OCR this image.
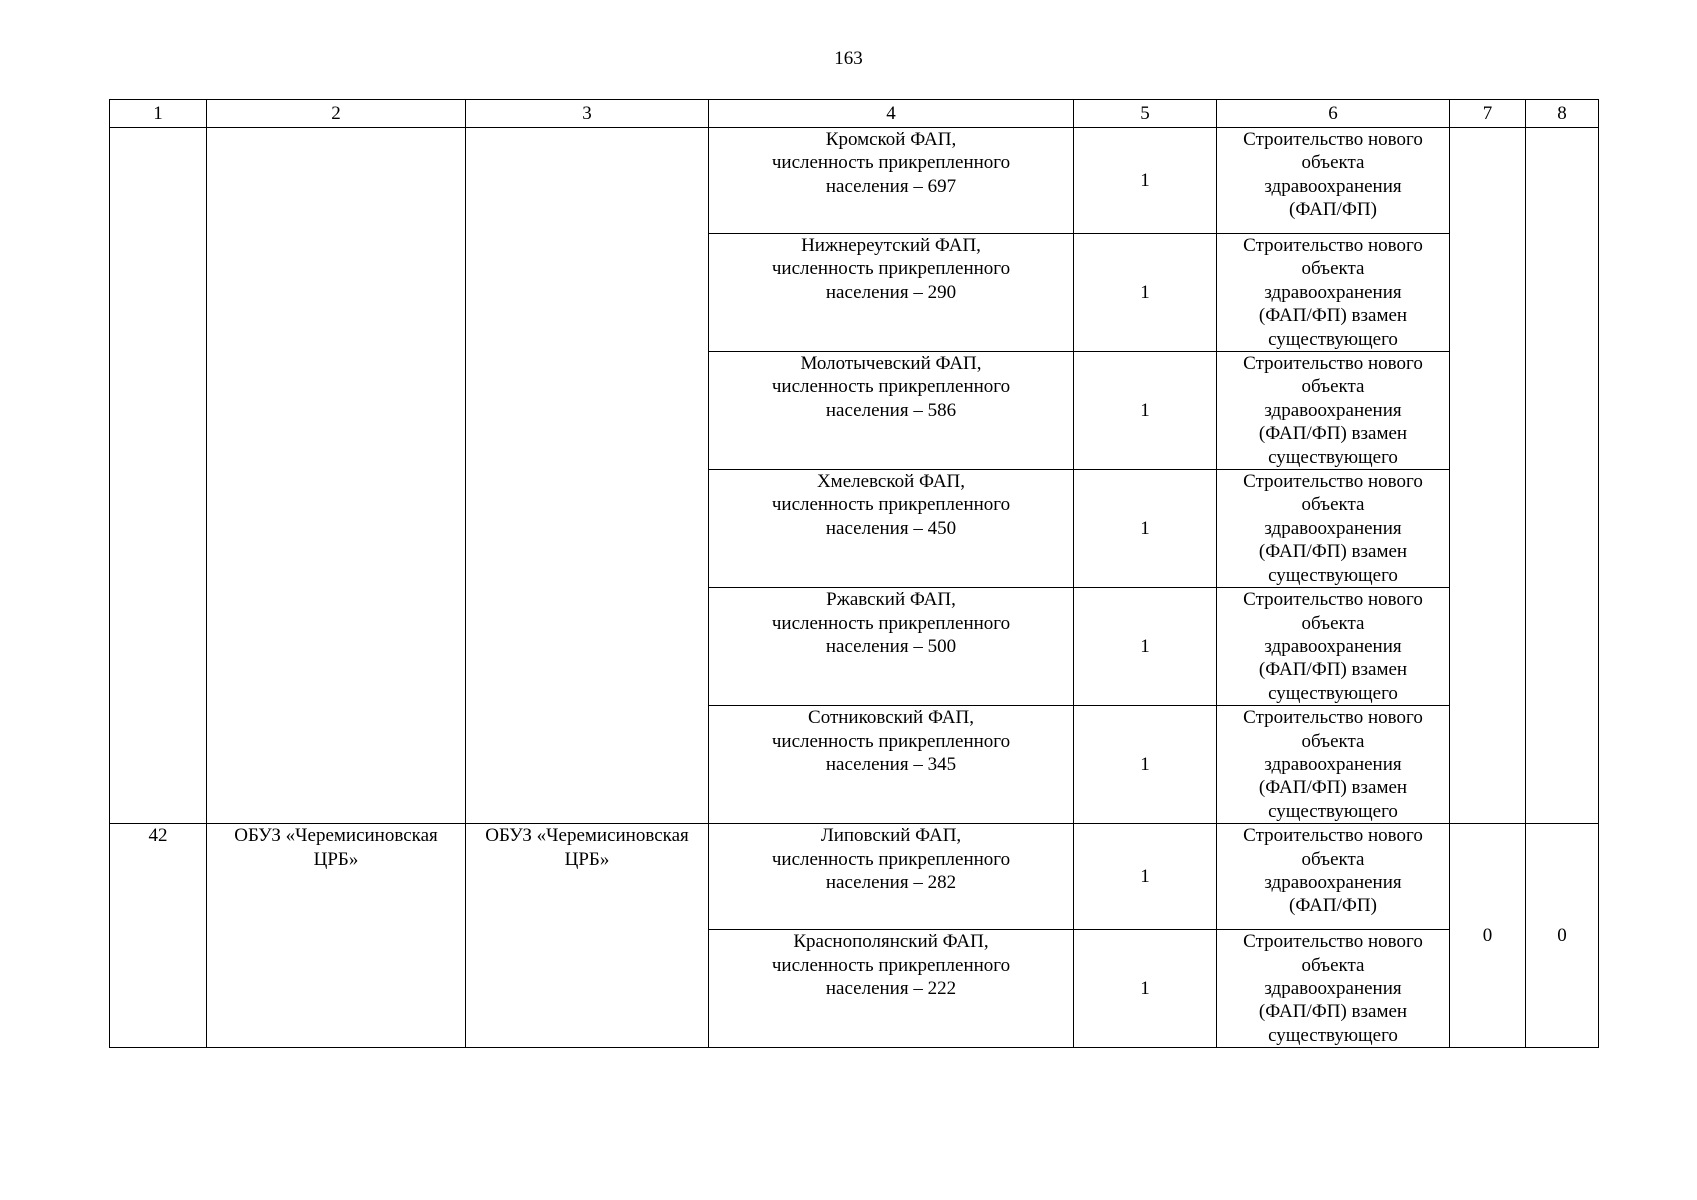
163
1	2	3	4	5	6	7	8

			Кромской ФАП,
численность прикрепленного
населения – 697	1	Строительство нового
объекта
здравоохранения
(ФАП/ФП)		

			Нижнереутский ФАП,
численность прикрепленного
населения – 290	1	Строительство нового
объекта
здравоохранения
(ФАП/ФП) взамен
существующего		

			Молотычевский ФАП,
численность прикрепленного
населения – 586	1	Строительство нового
объекта
здравоохранения
(ФАП/ФП) взамен
существующего		

			Хмелевской ФАП,
численность прикрепленного
населения – 450	1	Строительство нового
объекта
здравоохранения
(ФАП/ФП) взамен
существующего		

			Ржавский ФАП,
численность прикрепленного
населения – 500	1	Строительство нового
объекта
здравоохранения
(ФАП/ФП) взамен
существующего		

			Сотниковский ФАП,
численность прикрепленного
населения – 345	1	Строительство нового
объекта
здравоохранения
(ФАП/ФП) взамен
существующего		

42	ОБУЗ «Черемисиновская
ЦРБ»	ОБУЗ «Черемисиновская
ЦРБ»	Липовский ФАП,
численность прикрепленного
населения – 282	1	Строительство нового
объекта
здравоохранения
(ФАП/ФП)	0	0

			Краснополянский ФАП,
численность прикрепленного
населения – 222	1	Строительство нового
объекта
здравоохранения
(ФАП/ФП) взамен
существующего		
